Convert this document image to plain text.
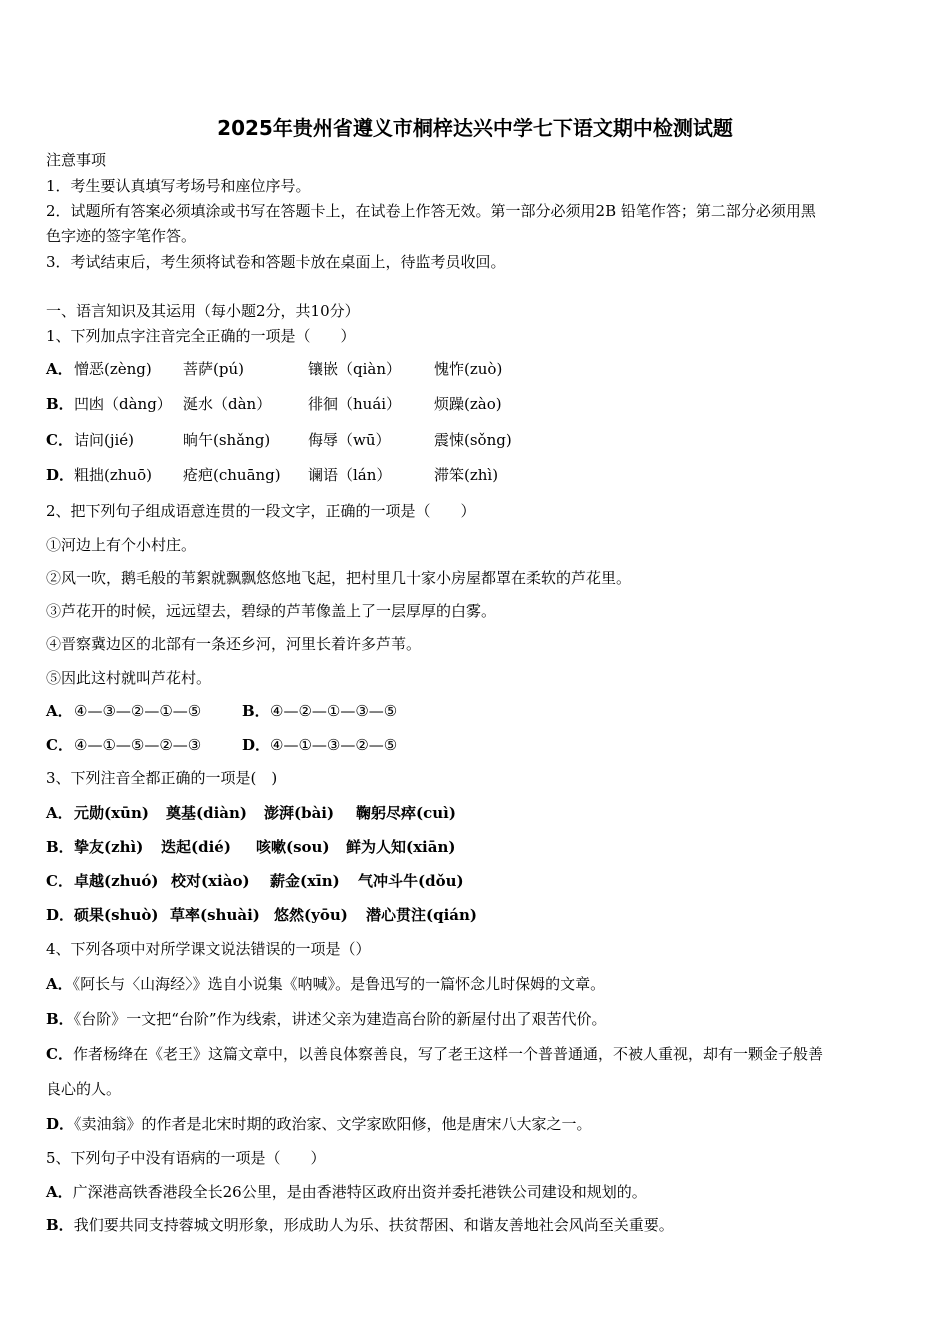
2025年贵州省遵义市桐梓达兴中学七下语文期中检测试题
注意事项
1．考生要认真填写考场号和座位序号。
2．试题所有答案必须填涂或书写在答题卡上，在试卷上作答无效。第一部分必须用2B 铅笔作答；第二部分必须用黑
色字迹的签字笔作答。
3．考试结束后，考生须将试卷和答题卡放在桌面上，待监考员收回。
一、语言知识及其运用（每小题2分，共10分）
1、下列加点字注音完全正确的一项是（　　）
A． 憎恶(zèng) 菩萨(pú)	镶嵌（qiàn） 愧怍(zuò)
B． 凹凼（dàng） 涎水（dàn） 徘徊（huái） 烦躁(zào)
C． 诘问(jié)	晌午(shǎng)	侮辱（wū）	震悚(sǒng)
D． 粗拙(zhuō) 疮疤(chuāng) 谰语（lán）	滞笨(zhì)
2、把下列句子组成语意连贯的一段文字，正确的一项是（　　）
①河边上有个小村庄。
②风一吹，鹅毛般的苇絮就飘飘悠悠地飞起，把村里几十家小房屋都罩在柔软的芦花里。
③芦花开的时候，远远望去，碧绿的芦苇像盖上了一层厚厚的白雾。
④晋察冀边区的北部有一条还乡河，河里长着许多芦苇。
⑤因此这村就叫芦花村。
A． ④—③—②—①—⑤	B． ④—②—①—③—⑤
C． ④—①—⑤—②—③	D． ④—①—③—②—⑤
3、下列注音全都正确的一项是(　)
A． 元勋(xūn) 奠基(diàn) 澎湃(bài) 鞠躬尽瘁(cuì)
B． 挚友(zhì) 迭起(dié) 咳嗽(sou) 鲜为人知(xiān)
C． 卓越(zhuó) 校对(xiào) 薪金(xīn) 气冲斗牛(dǒu)
D． 硕果(shuò) 草率(shuài) 悠然(yōu) 潜心贯注(qián)
4、下列各项中对所学课文说法错误的一项是（）
A．《阿长与〈山海经〉》选自小说集《呐喊》。是鲁迅写的一篇怀念儿时保姆的文章。
B．《台阶》一文把“台阶”作为线索，讲述父亲为建造高台阶的新屋付出了艰苦代价。
C．作者杨绛在《老王》这篇文章中，以善良体察善良，写了老王这样一个普普通通，不被人重视，却有一颗金子般善
良心的人。
D．《卖油翁》的作者是北宋时期的政治家、文学家欧阳修，他是唐宋八大家之一。
5、下列句子中没有语病的一项是（　　）
A．广深港高铁香港段全长26公里，是由香港特区政府出资并委托港铁公司建设和规划的。
B．我们要共同支持蓉城文明形象，形成助人为乐、扶贫帮困、和谐友善地社会风尚至关重要。
